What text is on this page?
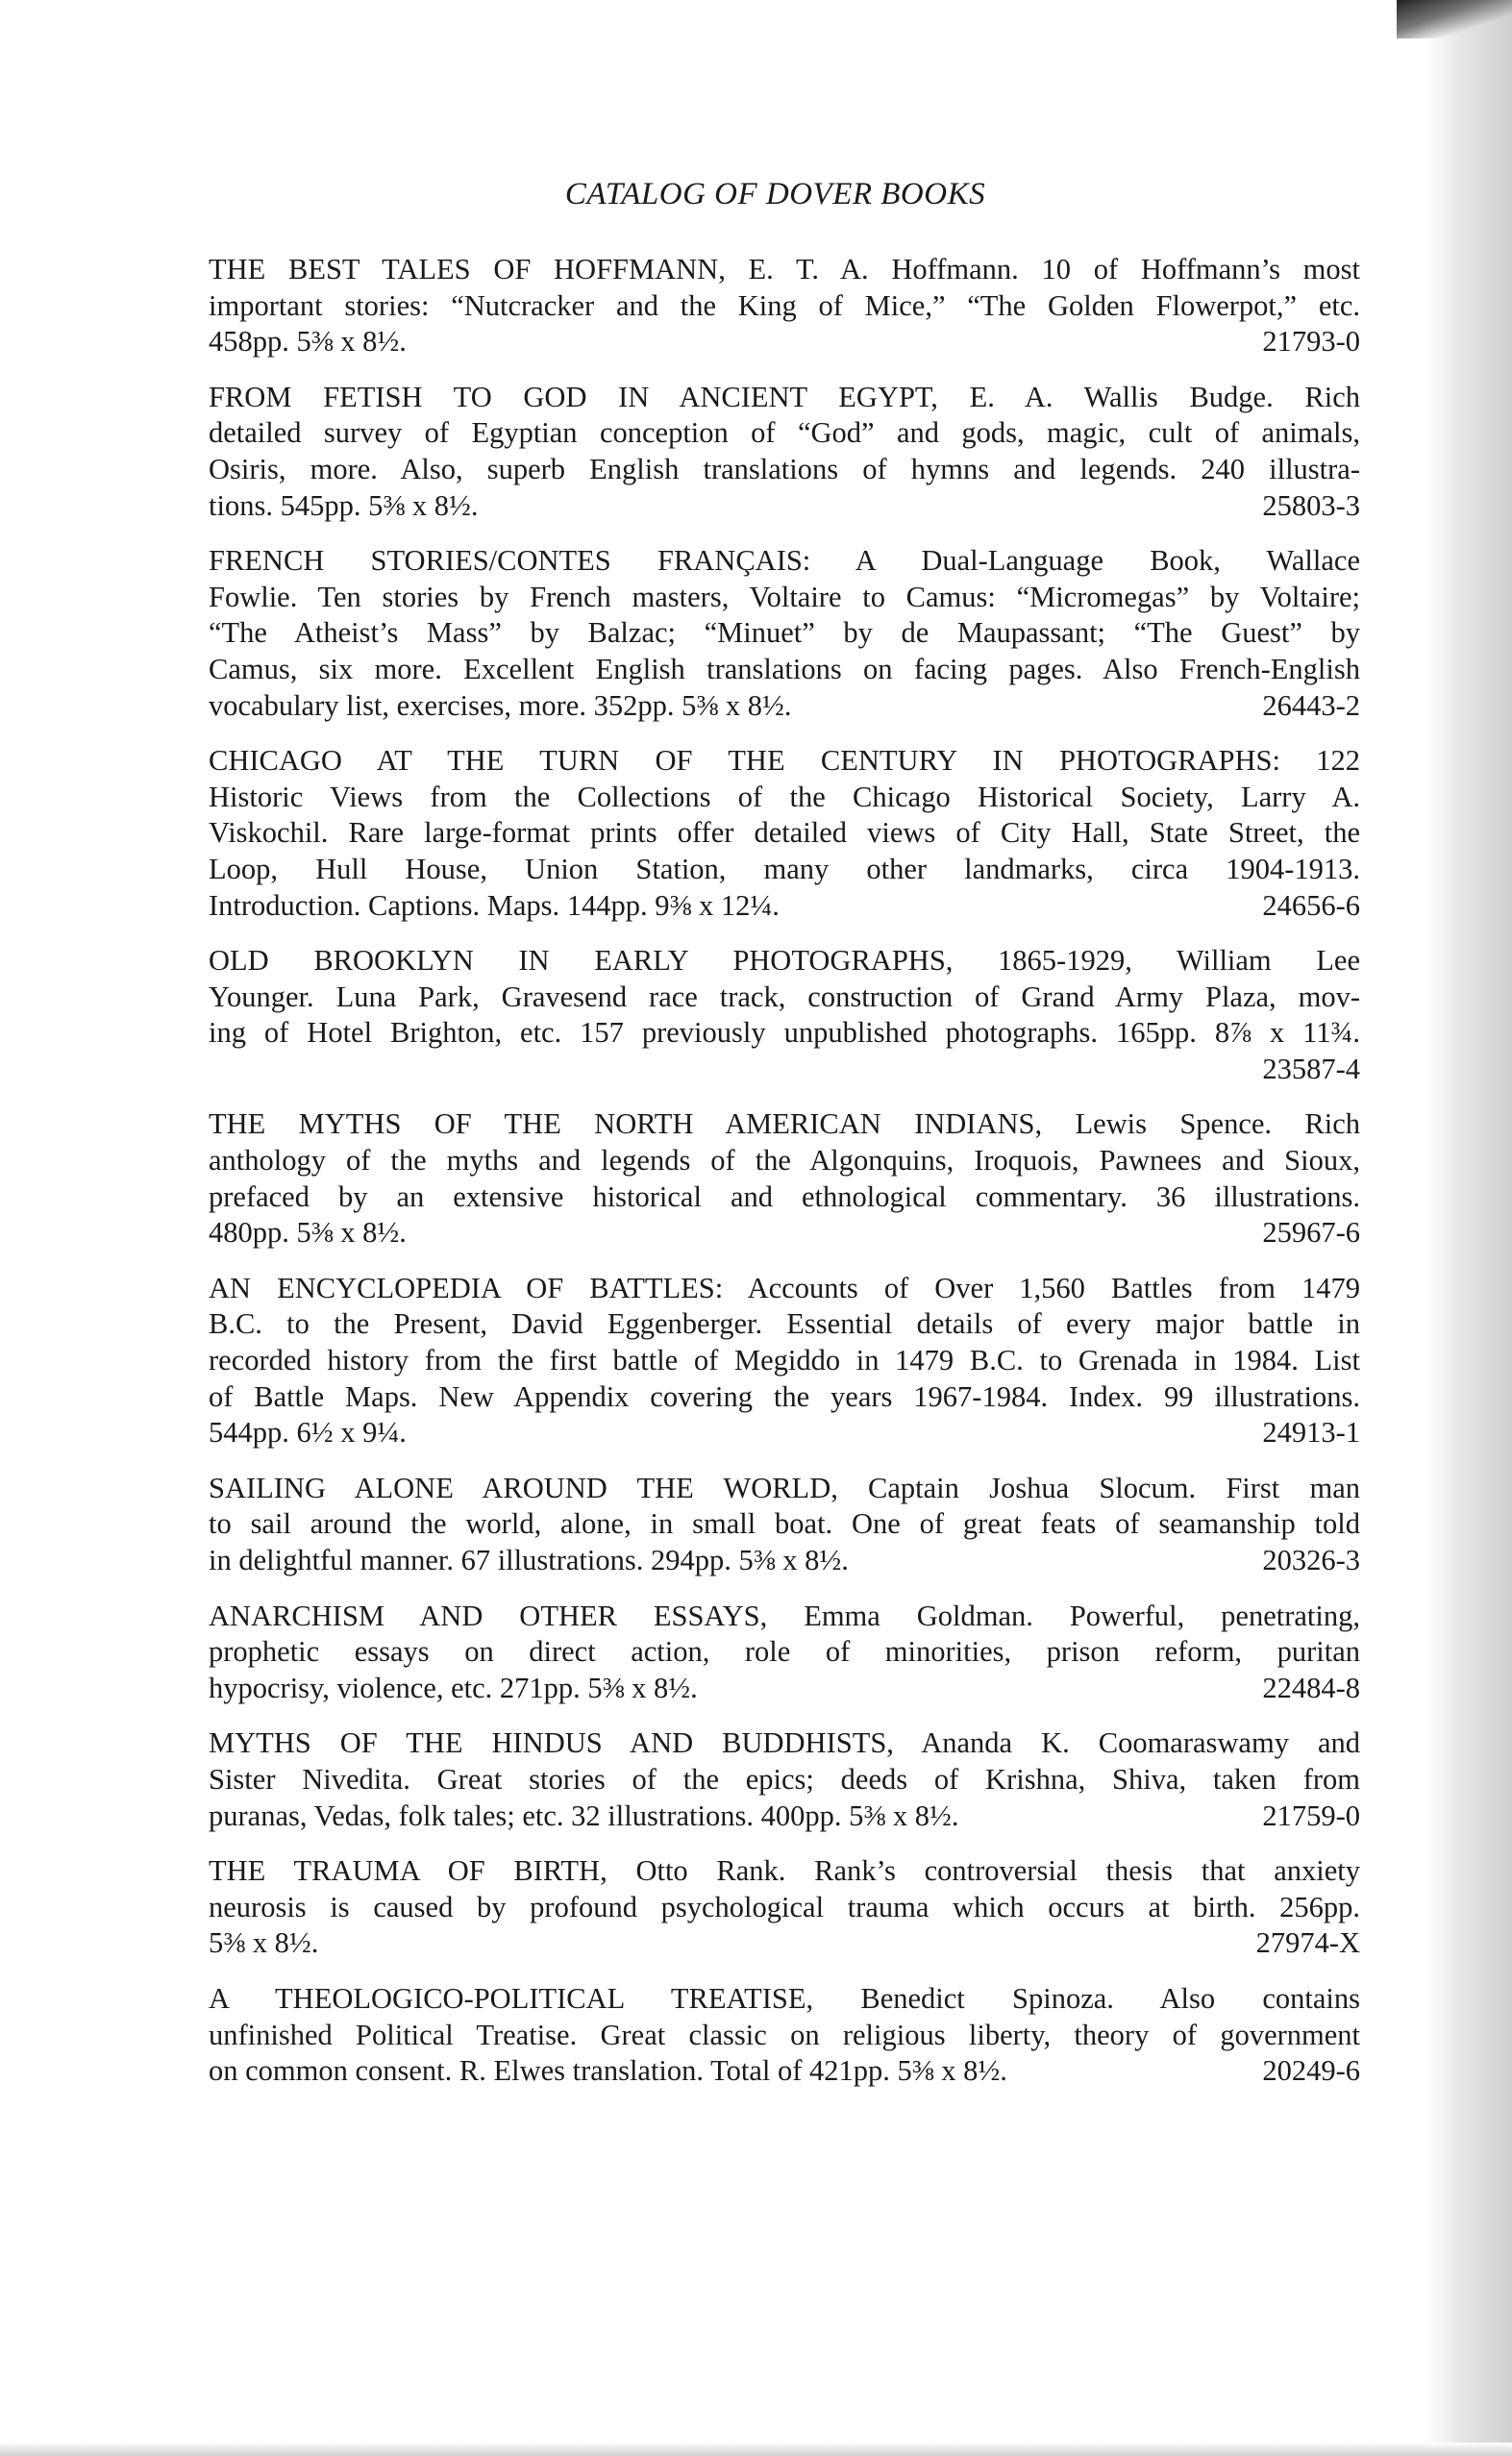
CATALOG OF DOVER BOOKS
THE BEST TALES OF HOFFMANN, E. T. A. Hoffmann. 10 of Hoffmann’s most
important stories: “Nutcracker and the King of Mice,” “The Golden Flowerpot,” etc.
458pp. 5⅜ x 8½.	21793-0
FROM FETISH TO GOD IN ANCIENT EGYPT, E. A. Wallis Budge. Rich
detailed survey of Egyptian conception of “God” and gods, magic, cult of animals,
Osiris, more. Also, superb English translations of hymns and legends. 240 illustra-
tions. 545pp. 5⅜ x 8½.	25803-3
FRENCH STORIES/CONTES FRANÇAIS: A Dual-Language Book, Wallace
Fowlie. Ten stories by French masters, Voltaire to Camus: “Micromegas” by Voltaire;
“The Atheist’s Mass” by Balzac; “Minuet” by de Maupassant; “The Guest” by
Camus, six more. Excellent English translations on facing pages. Also French-English
vocabulary list, exercises, more. 352pp. 5⅜ x 8½.	26443-2
CHICAGO AT THE TURN OF THE CENTURY IN PHOTOGRAPHS: 122
Historic Views from the Collections of the Chicago Historical Society, Larry A.
Viskochil. Rare large-format prints offer detailed views of City Hall, State Street, the
Loop, Hull House, Union Station, many other landmarks, circa 1904-1913.
Introduction. Captions. Maps. 144pp. 9⅜ x 12¼.	24656-6
OLD BROOKLYN IN EARLY PHOTOGRAPHS, 1865-1929, William Lee
Younger. Luna Park, Gravesend race track, construction of Grand Army Plaza, mov-
ing of Hotel Brighton, etc. 157 previously unpublished photographs. 165pp. 8⅞ x 11¾.
23587-4
THE MYTHS OF THE NORTH AMERICAN INDIANS, Lewis Spence. Rich
anthology of the myths and legends of the Algonquins, Iroquois, Pawnees and Sioux,
prefaced by an extensive historical and ethnological commentary. 36 illustrations.
480pp. 5⅜ x 8½.	25967-6
AN ENCYCLOPEDIA OF BATTLES: Accounts of Over 1,560 Battles from 1479
B.C. to the Present, David Eggenberger. Essential details of every major battle in
recorded history from the first battle of Megiddo in 1479 B.C. to Grenada in 1984. List
of Battle Maps. New Appendix covering the years 1967-1984. Index. 99 illustrations.
544pp. 6½ x 9¼.	24913-1
SAILING ALONE AROUND THE WORLD, Captain Joshua Slocum. First man
to sail around the world, alone, in small boat. One of great feats of seamanship told
in delightful manner. 67 illustrations. 294pp. 5⅜ x 8½.	20326-3
ANARCHISM AND OTHER ESSAYS, Emma Goldman. Powerful, penetrating,
prophetic essays on direct action, role of minorities, prison reform, puritan
hypocrisy, violence, etc. 271pp. 5⅜ x 8½.	22484-8
MYTHS OF THE HINDUS AND BUDDHISTS, Ananda K. Coomaraswamy and
Sister Nivedita. Great stories of the epics; deeds of Krishna, Shiva, taken from
puranas, Vedas, folk tales; etc. 32 illustrations. 400pp. 5⅜ x 8½.	21759-0
THE TRAUMA OF BIRTH, Otto Rank. Rank’s controversial thesis that anxiety
neurosis is caused by profound psychological trauma which occurs at birth. 256pp.
5⅜ x 8½.	27974-X
A THEOLOGICO-POLITICAL TREATISE, Benedict Spinoza. Also contains
unfinished Political Treatise. Great classic on religious liberty, theory of government
on common consent. R. Elwes translation. Total of 421pp. 5⅜ x 8½.	20249-6
